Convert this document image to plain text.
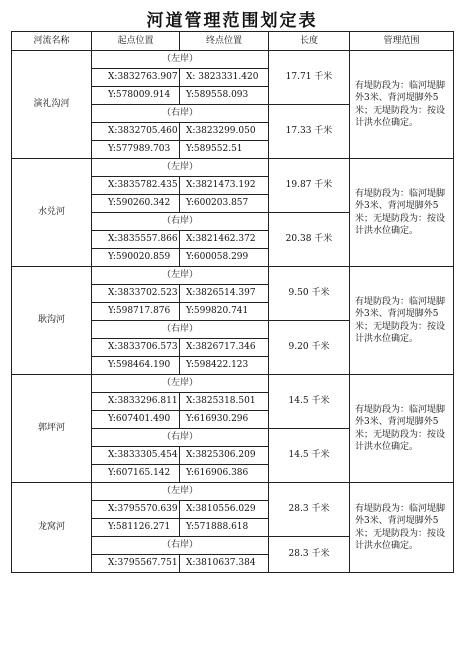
河道管理范围划定表
河流名称	起点位置	终点位置	长度	管理范围
演礼沟河	（左岸）		17.71 千米	有堤防段为：临河堤脚外3米、背河堤脚外5米；无堤防段为：按设计洪水位确定。
	X:3832763.907	X: 3823331.420		
	Y:578009.914	Y:589558.093		
	（右岸）		17.33 千米	
	X:3832705.460	X:3823299.050		
	Y:577989.703	Y:589552.51		
水兑河	（左岸）		19.87 千米	有堤防段为：临河堤脚外3米、背河堤脚外5米；无堤防段为：按设计洪水位确定。
	X:3835782.435	X:3821473.192		
	Y:590260.342	Y:600203.857		
	（右岸）		20.38 千米	
	X:3835557.866	X:3821462.372		
	Y:590020.859	Y:600058.299		
耿沟河	（左岸）		9.50 千米	有堤防段为：临河堤脚外3米、背河堤脚外5米；无堤防段为：按设计洪水位确定。
	X:3833702.523	X:3826514.397		
	Y:598717.876	Y:599820.741		
	（右岸）		9.20 千米	
	X:3833706.573	X:3826717.346		
	Y:598464.190	Y:598422.123		
郭坪河	（左岸）		14.5 千米	有堤防段为：临河堤脚外3米、背河堤脚外5米；无堤防段为：按设计洪水位确定。
	X:3833296.811	X:3825318.501		
	Y:607401.490	Y:616930.296		
	（右岸）		14.5 千米	
	X:3833305.454	X:3825306.209		
	Y:607165.142	Y:616906.386		
龙窝河	（左岸）		28.3 千米	有堤防段为：临河堤脚外3米、背河堤脚外5米；无堤防段为：按设计洪水位确定。
	X:3795570.639	X:3810556.029		
	Y:581126.271	Y:571888.618		
	（右岸）		28.3 千米	
	X:3795567.751	X:3810637.384		
